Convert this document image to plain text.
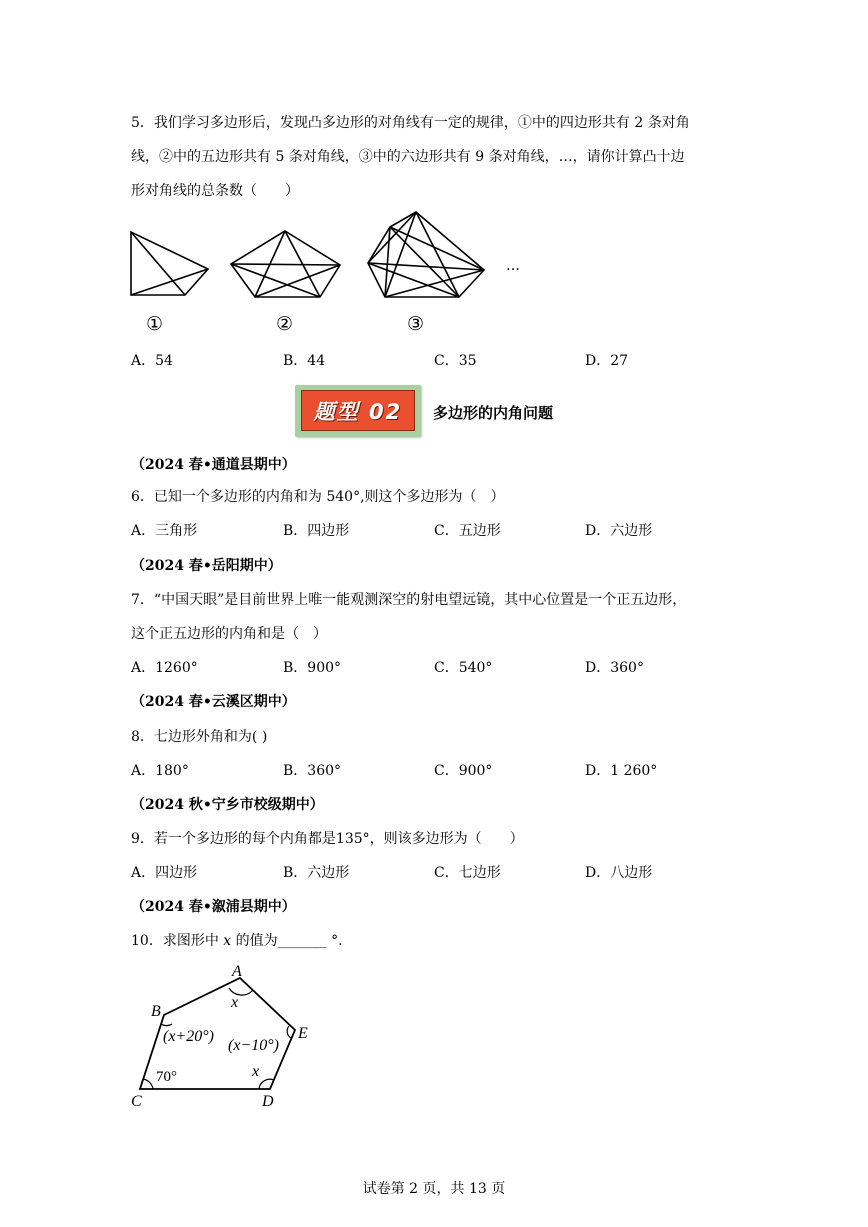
5．我们学习多边形后，发现凸多边形的对角线有一定的规律，①中的四边形共有 2 条对角
线，②中的五边形共有 5 条对角线，③中的六边形共有 9 条对角线，…，请你计算凸十边
形对角线的总条数（　　）
…
①	②	③
A．54	B．44	C．35	D．27
题型 02	多边形的内角问题
（2024 春•通道县期中）
6．已知一个多边形的内角和为 540°,则这个多边形为（　）
A．三角形	B．四边形	C．五边形	D．六边形
（2024 春•岳阳期中）
7．“中国天眼”是目前世界上唯一能观测深空的射电望远镜，其中心位置是一个正五边形，
这个正五边形的内角和是（　）
A．1260°	B．900°	C．540°	D．360°
（2024 春•云溪区期中）
8．七边形外角和为( )
A．180°	B．360°	C．900°	D．1 260°
（2024 秋•宁乡市校级期中）
9．若一个多边形的每个内角都是135°，则该多边形为（　　）
A．四边形	B．六边形	C．七边形	D．八边形
（2024 春•溆浦县期中）
10．求图形中 x 的值为_______ °.
A
B
E
C	D
x
(x+20°)
(x−10°)
x
70°
试卷第 2 页，共 13 页
